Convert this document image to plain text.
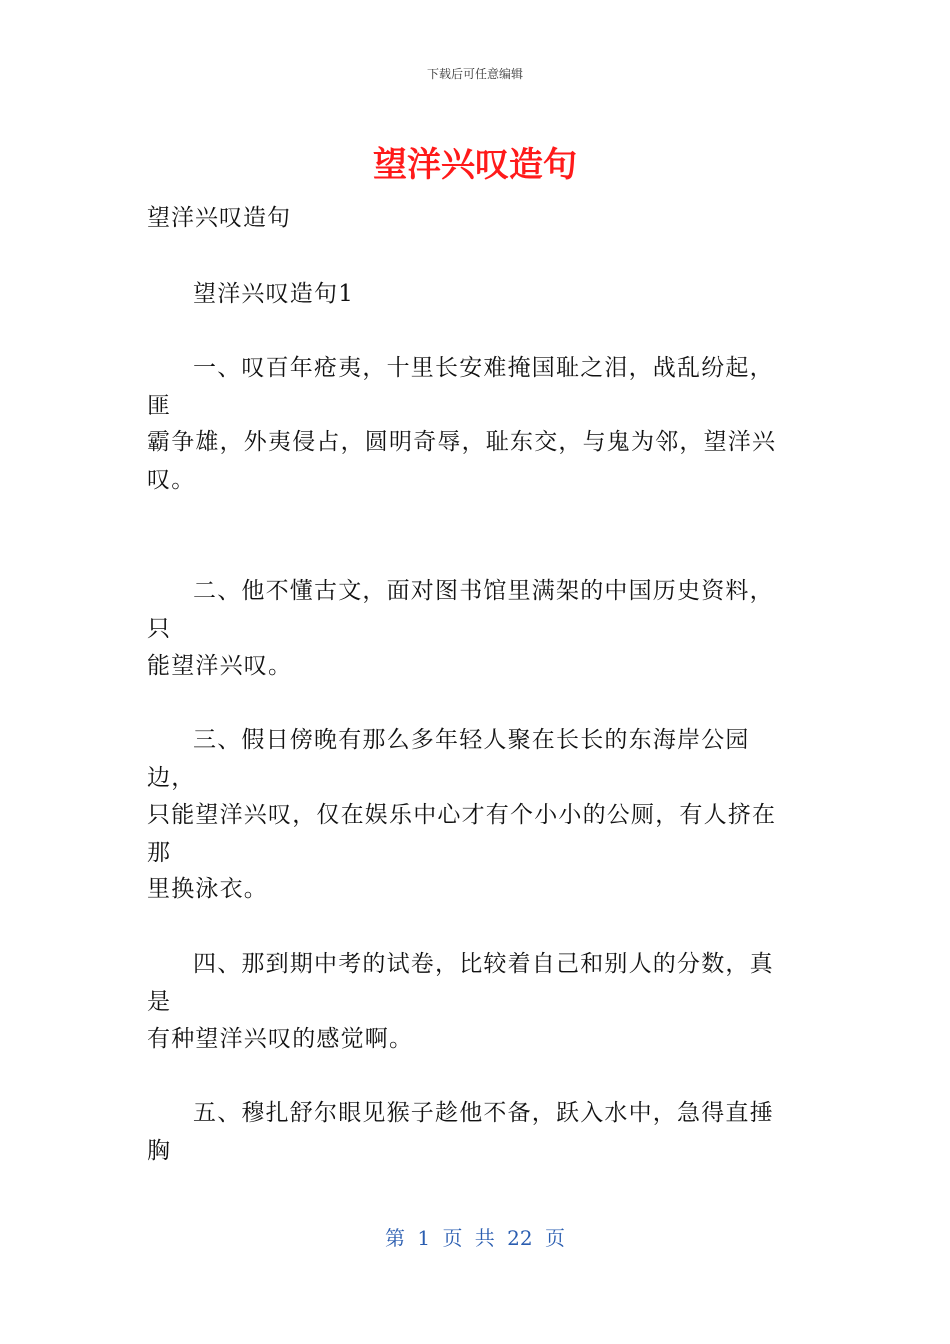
下载后可任意编辑
望洋兴叹造句

望洋兴叹造句

望洋兴叹造句1

一、叹百年疮夷，十里长安难掩国耻之泪，战乱纷起，匪
霸争雄，外夷侵占，圆明奇辱，耻东交，与鬼为邻，望洋兴叹。
二、他不懂古文，面对图书馆里满架的中国历史资料，只
能望洋兴叹。
三、假日傍晚有那么多年轻人聚在长长的东海岸公园边，
只能望洋兴叹，仅在娱乐中心才有个小小的公厕，有人挤在那
里换泳衣。
四、那到期中考的试卷，比较着自己和别人的分数，真是
有种望洋兴叹的感觉啊。
五、穆扎舒尔眼见猴子趁他不备，跃入水中，急得直捶胸
第 1 页 共 22 页
